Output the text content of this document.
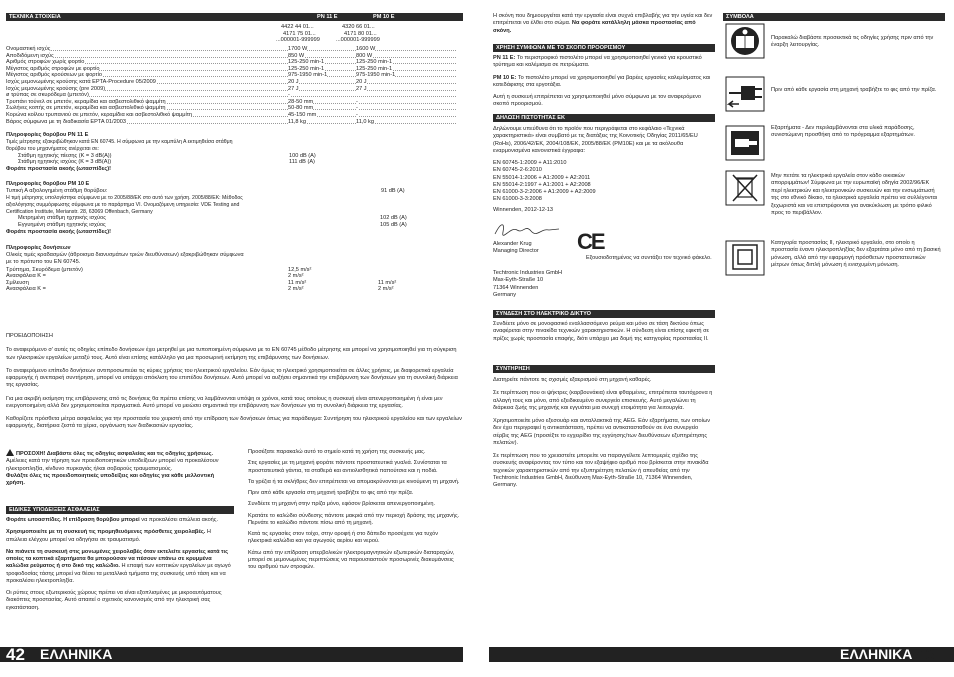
ΤΕΧΝΙΚΑ ΣΤΟΙΧΕΙΑ	PN 11 E	PM 10 E
4422 44 01...	4320 66 01...
4171 75 01...	4171 80 01...
...000001-999999	...000001-999999
Ονομαστική ισχύς	1700 W	1600 W
Αποδιδόμενη ισχύς	850 W	800 W
Αριθμός στροφών χωρίς φορτίο	125-250 min-1	125-250 min-1
Μέγιστος αριθμός στροφών με φορτίο	125-250 min-1	125-250 min-1
Μέγιστος αριθμός κρούσεων με φορτίο	975-1950 min-1	975-1950 min-1
Ισχύς μεμονωμένης κρούσης κατά EPTA-Procedure 05/2009	20 J	20 J
Ισχύς μεμονωμένης κρούσης (pre 2009)	27 J	27 J
ø τρύπας σε σκυρόδεμα (μπετόν)	-
Τρυπάνι τούνελ σε μπετόν, κεραμίδια και ασβεστολιθικό ψαμμίτη	28-50 mm	-
Σωλήνες κοπής σε μπετόν, κεραμίδια και ασβεστολιθικό ψαμμίτη	50-80 mm	-
Κορώνα κοίλου τρυπανιού σε μπετόν, κεραμίδια και ασβεστολιθικό ψαμμίτη	45-150 mm	-
Βάρος σύμφωνα με τη διαδικασία EPTA 01/2003	11,8 kg	11,0 kg
Πληροφορίες θορύβου PN 11 E
Τιμές μέτρησης εξακριβώθηκαν κατά EN 60745. Η σύμφωνα με την καμπύλη Α εκτιμηθείσα στάθμη θορύβου του μηχανήματος ανέρχεται σε:
Στάθμη ηχητικής πίεσης (K = 3 dB(A))	100 dB (A)
Στάθμη ηχητικής ισχύος (K = 3 dB(A))	111 dB (A)
Φοράτε προστασία ακοής (ωτασπίδες)!
Πληροφορίες θορύβου PM 10 E
Τυπική Α αξιολογημένη στάθμη θορύβου:	91 dB (A)
Η τιμή μέτρησης υπολογίστηκε σύμφωνα με το 2005/88/ΕΚ στο αυτό των χρήση. 2005/88/ΕΚ: Μέθοδος αξιολόγησης συμμόρφωσης σύμφωνα με το παράρτημα VI. Ονομαζόμενη υπηρεσία: VDE Testing and Certification Institute, Merianstr. 28, 63069 Offenbach, Germany
Μετρημένη στάθμη ηχητικής ισχύος	102 dB (A)
Εγγυημένη στάθμη ηχητικής ισχύος	105 dB (A)
Φοράτε προστασία ακοής (ωτασπίδες)!
Πληροφορίες δονήσεων
Ολικές τιμές κραδασμών (άθροισμα διανυσμάτων τριών διευθύνσεων) εξακριβώθηκαν σύμφωνα με τo πρότυπo του EN 60745.
Τρύπημα, Σκυρόδεμα (μπετόν)	12,5 m/s²
Ανασφάλεια K =	2 m/s²
Σμίλευση	11 m/s²	11 m/s²
Ανασφάλεια K =	2 m/s²	2 m/s²
ΠΡΟΕΙΔΟΠΟΙΗΣΗ
Το αναφερόμενο σ' αυτές τις οδηγίες επίπεδο δονήσεων έχει μετρηθεί με μια τυποποιημένη σύμφωνα με το EN 60745 μέθοδο μέτρησης και μπορεί να χρησιμοποιηθεί για τη σύγκριση των ηλεκτρικών εργαλείων μεταξύ τους. Αυτό είναι επίσης κατάλληλο για μια προσωρινή εκτίμηση της επιβάρυνσης των δονήσεων.
Το αναφερόμενο επίπεδο δονήσεων αντιπροσωπεύει τις κύριες χρήσεις του ηλεκτρικού εργαλείου. Εάν όμως το ηλεκτρικό χρησιμοποιείται σε άλλες χρήσεις, με διαφορετικά εργαλεία εφαρμογής ή ανεπαρκή συντήρηση, μπορεί να υπάρχει απόκλιση του επιπέδου δονήσεων. Αυτό μπορεί να αυξήσει σημαντικά την επιβάρυνση των δονήσεων για τη συνολική διάρκεια της εργασίας.
Για μια ακριβή εκτίμηση της επιβάρυνσης από τις δονήσεις θα πρέπει επίσης να λαμβάνονται υπόψη οι χρόνοι, κατά τους οποίους η συσκευή είναι απενεργοποιημένη ή είναι μεν ενεργοποιημένη αλλά δεν χρησιμοποιείται πραγματικά. Αυτό μπορεί να μειώσει σημαντικά την επιβάρυνση των δονήσεων για τη συνολική διάρκεια της εργασίας.
Καθορίζετε πρόσθετα μέτρα ασφαλείας για την προστασία του χειριστή από την επίδραση των δονήσεων όπως για παράδειγμα: Συντήρηση του ηλεκτρικού εργαλείου και των εργαλείων εφαρμογής, διατήρεια ζεστά τα χέρια, οργάνωση των διαδικασιών εργασίας.
ΠΡΟΣΟΧΗ! Διαβάστε όλες τις οδηγίες ασφαλείας και τις οδηγίες χρήσεως. Αμέλειες κατά την τήρηση των προειδοποιητικών υποδείξεων μπορεί να προκαλέσουν ηλεκτροπληξία, κίνδυνο πυρκαγιάς ή/και σοβαρούς τραυματισμούς.
Φυλάξτε όλες τις προειδοποιητικές υποδείξεις και οδηγίες για κάθε μελλοντική χρήση.
ΕΙΔΙΚΕΣ ΥΠΟΔΕΙΞΕΙΣ ΑΣΦΑΛΕΙΑΣ
Φοράτε ωτοασπίδες. Η επίδραση θορύβου μπορεί να προκαλέσει απώλεια ακοής.
Χρησιμοποιείτε με τη συσκευή τις προμηθευόμενες πρόσθετες χειρολαβές. Η απώλεια ελέγχου μπορεί να οδηγήσει σε τραυματισμό.
Να πιάνετε τη συσκευή στις μονωμένες χειρολαβές όταν εκτελείτε εργασίες κατά τις οποίες τα κοπτικά εξαρτήματα θα μπορούσαν να πέσουν επάνω σε κρυμμένα καλώδια ρεύματος ή στο δικό της καλώδιο. Η επαφή των κοπτικών εργαλείων με αγωγό τροφοδοσίας τάσης μπορεί να θέσει τα μεταλλικά τμήματα της συσκευής υπό τάση και να προκαλέσει ηλεκτροπληξία.
Οι ρύπες στους εξωτερικούς χώρους πρέπει να είναι εξοπλισμένες με μικροαυτόματους διακόπτες προστασίας. Αυτό απαιτεί ο σχετικός κανονισμός από την ηλεκτρική σας εγκατάσταση.
Προσέξατε παρακαλώ αυτό το σημείο κατά τη χρήση της συσκευής μας.
Στις εργασίες με τη μηχανή φοράτε πάντοτε προστατευτικά γυαλιά. Συνίσταται τα προστατευτικά γάντια, τα σταθερά και αντιολισθητικά παπούτσια και η ποδιά.
Τα γρέζια ή τα σκλήθρες δεν επιτρέπεται να απομακρύνονται με κινούμενη τη μηχανή.
Πριν από κάθε εργασία στη μηχανή τραβήξτε το φις από την πρίζα.
Συνδέετε τη μηχανή στην πρίζα μόνο, εφόσον βρίσκεται απενεργοποιημένη.
Κρατάτε το καλώδιο σύνδεσης πάντοτε μακριά από την περιοχή δράσης της μηχανής. Περνάτε το καλώδιο πάντοτε πίσω από τη μηχανή.
Κατά τις εργασίες στον τοίχο, στην οροφή ή στο δάπεδο προσέχετε για τυχόν ηλεκτρικά καλώδια και για αγωγούς αερίου και νερού.
Κάτω από την επίδραση υπερβολικών ηλεκτρομαγνητικών εξωτερικών διαταραχών, μπορεί σε μεμονωμένες περιπτώσεις να παρουσιαστούν προσωρινές διακυμάνσεις του αριθμού των στροφών.
42 ΕΛΛΗΝΙΚΑ
Η σκόνη που δημιουργείται κατά την εργασία είναι συχνά επιβλαβής για την υγεία και δεν επιτρέπεται να έλθει στο σώμα. Να φοράτε κατάλληλη μάσκα προστασίας από σκόνη.
ΧΡΗΣΗ ΣΥΜΦΩΝΑ ΜΕ ΤΟ ΣΚΟΠΟ ΠΡΟΟΡΙΣΜΟΥ
PN 11 E: Το περιστροφικό πιστολέτο μπορεί να χρησιμοποιηθεί γενικά για κρουστικό τρύπημα και καλέμισμα σε πετρώματα.
PM 10 E: Το πιστολέτο μπορεί να χρησιμοποιηθεί για βαρέες εργασίες καλεμίσματος και κατεδάφισης στα εργοτάξια.
Αυτή η συσκευή επιτρέπεται να χρησιμοποιηθεί μόνο σύμφωνα με τον αναφερόμενο σκοπό προορισμού.
ΔΗΛΩΣΗ ΠΙΣΤΟΤΗΤΑΣ ΕΚ
Δηλώνουμε υπεύθυνα ότι το προϊόν που περιγράφεται στο κεφάλαιο «Τεχνικά χαρακτηριστικά» είναι συμβατό με τις διατάξεις της Κοινοτικής Οδηγίας 2011/65/EU (RoHs), 2006/42/ΕΚ, 2004/108/ΕΚ, 2005/88/ΕΚ (PM10E) και με τα ακόλουθα εναρμονισμένα κανονιστικά έγγραφα:
EN 60745-1:2009 + A11:2010
EN 60745-2-6:2010
EN 55014-1:2006 + A1:2009 + A2:2011
EN 55014-2:1997 + A1:2001 + A2:2008
EN 61000-3-2:2006 + A1:2009 + A2:2009
EN 61000-3-3:2008
Winnenden, 2012-12-13
CE
Alexander Krug
Managing Director
Εξουσιοδοτημένος να συντάξει τον τεχνικό φάκελο.
Techtronic Industries GmbH
Max-Eyth-Straße 10
71364 Winnenden
Germany
ΣΥΝΔΕΣΗ ΣΤΟ ΗΛΕΚΤΡΙΚΟ ΔΙΚΤΥΟ
Συνδέετε μόνο σε μονοφασικό εναλλασσόμενο ρεύμα και μόνο σε τάση δικτύου όπως αναφέρεται στην πινακίδα τεχνικών χαρακτηριστικών. Η σύνδεση είναι επίσης εφικτή σε πρίζες χωρίς προστασία επαφής, διότι υπάρχει μια δομή της κατηγορίας προστασίας II.
ΣΥΝΤΗΡΗΣΗ
Διατηρείτε πάντοτε τις σχισμές εξαερισμού στη μηχανή καθαρές.
Σε περίπτωση που οι ψήκτρες (καρβουνάκια) είναι φθαρμένες, επιτρέπεται ταυτόχρονα η αλλαγή τους και μόνο, από εξειδικευμένο συνεργείο επισκευής. Αυτό μεγαλώνει τη διάρκεια ζωής της μηχανής και εγγυάται μια συνεχή ετοιμότητα για λειτουργία.
Χρησιμοποιείτε μόνο εξεσουάρ και ανταλλακτικά της AEG. Εάν εξαρτήματα, των οποίων δεν έχει περιγραφεί η αντικατάσταση, πρέπει να αντικατασταθούν σε ένα συνεργείο σέρβις της AEG (προσέξτε το εγχειρίδιο της εγγύησης/των διευθύνσεων εξυπηρέτησης πελατών).
Σε περίπτωση που το χρειαστείτε μπορείτε να παραγγείλετε λεπτομερές σχέδιο της συσκευής αναφέροντας τον τύπο και τον εξαψήφιο αριθμό που βρίσκεται στην πινακίδα τεχνικών χαρακτηριστικών από την εξυπηρέτηση πελατών ή απευθείας από την Techtronic Industries GmbH, διεύθυνση Max-Eyth-Straße 10, 71364 Winnenden, Germany.
ΣΥΜΒΟΛΑ
Παρακαλώ διαβάστε προσεκτικά τις οδηγίες χρήσης πριν από την έναρξη λειτουργίας.
Πριν από κάθε εργασία στη μηχανή τραβήξτε το φις από την πρίζα.
Εξαρτήματα - Δεν περιλαμβάνονται στα υλικά παράδοσης, συνιστώμενη προσθήκη από το πρόγραμμα εξαρτημάτων.
Μην πετάτε τα ηλεκτρικά εργαλεία στον κάδο οικιακών απορριμμάτων! Σύμφωνα με την ευρωπαϊκή οδηγία 2002/96/ΕΚ περί ηλεκτρικών και ηλεκτρονικών συσκευών και την ενσωμάτωσή της στο εθνικό δίκαιο, τα ηλεκτρικά εργαλεία πρέπει να συλλέγονται ξεχωριστά και να επιστρέφονται για ανακύκλωση με τρόπο φιλικό προς το περιβάλλον.
Κατηγορία προστασίας II, ηλεκτρικό εργαλείο, στο οποίο η προστασία έναντι ηλεκτροπληξίας δεν εξαρτάται μόνο από τη βασική μόνωση, αλλά από την εφαρμογή πρόσθετων προστατευτικών μέτρων όπως διπλή μόνωση ή ενισχυμένη μόνωση.
ΕΛΛΗΝΙΚΑ 43
